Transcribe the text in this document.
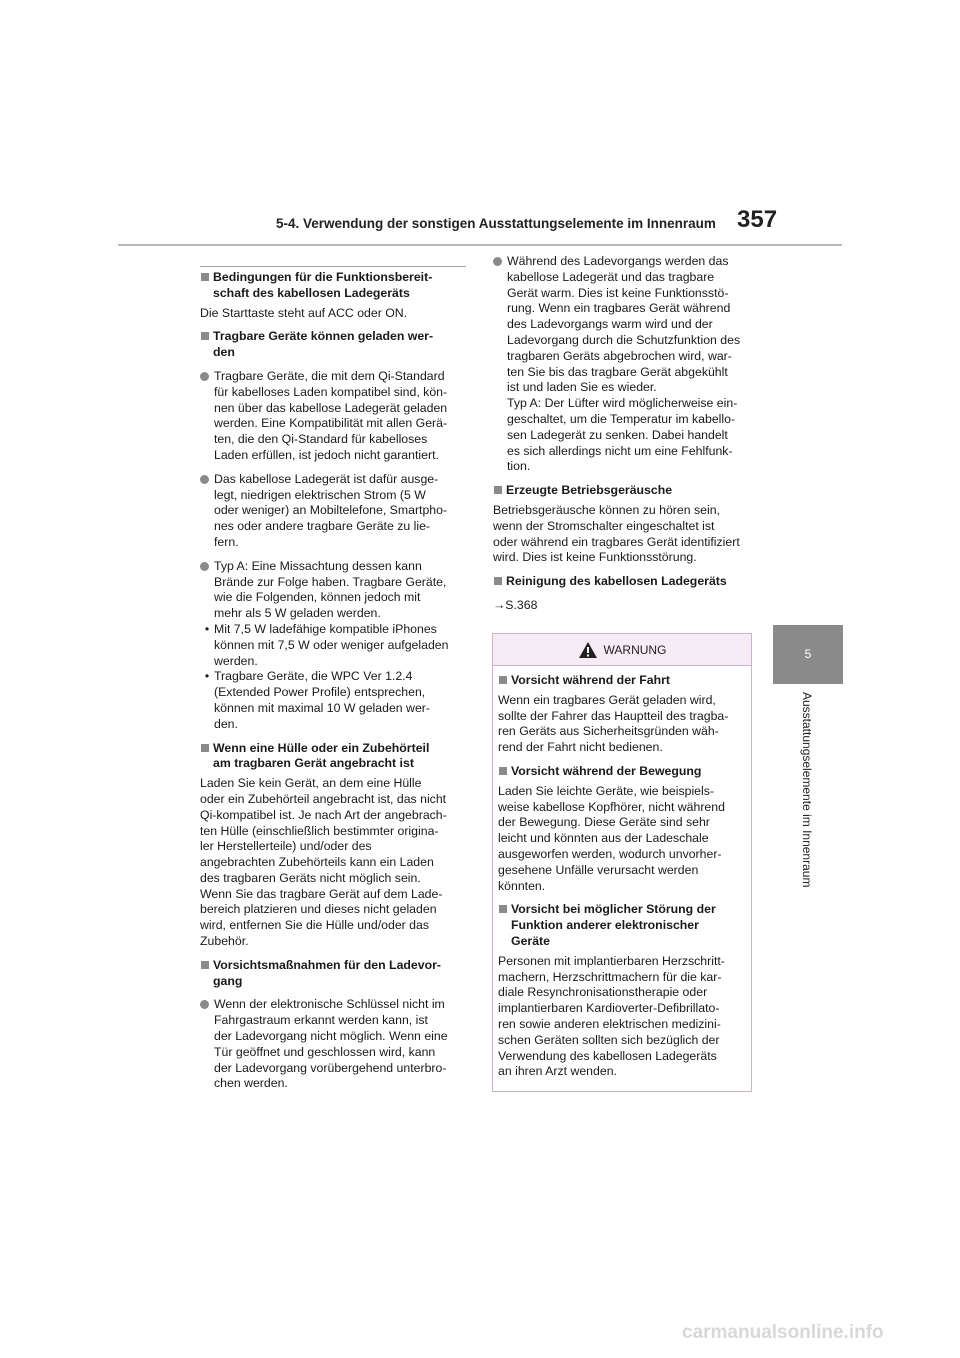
5-4. Verwendung der sonstigen Ausstattungselemente im Innenraum 357
5
Ausstattungselemente im Innenraum
Bedingungen für die Funktionsbereit-
schaft des kabellosen Ladegeräts
Die Starttaste steht auf ACC oder ON.
Tragbare Geräte können geladen wer-
den
Tragbare Geräte, die mit dem Qi-Standard
für kabelloses Laden kompatibel sind, kön-
nen über das kabellose Ladegerät geladen
werden. Eine Kompatibilität mit allen Gerä-
ten, die den Qi-Standard für kabelloses
Laden erfüllen, ist jedoch nicht garantiert.
Das kabellose Ladegerät ist dafür ausge-
legt, niedrigen elektrischen Strom (5 W
oder weniger) an Mobiltelefone, Smartpho-
nes oder andere tragbare Geräte zu lie-
fern.
Typ A: Eine Missachtung dessen kann
Brände zur Folge haben. Tragbare Geräte,
wie die Folgenden, können jedoch mit
mehr als 5 W geladen werden.
• Mit 7,5 W ladefähige kompatible iPhones
können mit 7,5 W oder weniger aufgeladen
werden.
• Tragbare Geräte, die WPC Ver 1.2.4
(Extended Power Profile) entsprechen,
können mit maximal 10 W geladen wer-
den.
Wenn eine Hülle oder ein Zubehörteil
am tragbaren Gerät angebracht ist
Laden Sie kein Gerät, an dem eine Hülle
oder ein Zubehörteil angebracht ist, das nicht
Qi-kompatibel ist. Je nach Art der angebrach-
ten Hülle (einschließlich bestimmter origina-
ler Herstellerteile) und/oder des
angebrachten Zubehörteils kann ein Laden
des tragbaren Geräts nicht möglich sein.
Wenn Sie das tragbare Gerät auf dem Lade-
bereich platzieren und dieses nicht geladen
wird, entfernen Sie die Hülle und/oder das
Zubehör.
Vorsichtsmaßnahmen für den Ladevor-
gang
Wenn der elektronische Schlüssel nicht im
Fahrgastraum erkannt werden kann, ist
der Ladevorgang nicht möglich. Wenn eine
Tür geöffnet und geschlossen wird, kann
der Ladevorgang vorübergehend unterbro-
chen werden.
Während des Ladevorgangs werden das
kabellose Ladegerät und das tragbare
Gerät warm. Dies ist keine Funktionsstö-
rung. Wenn ein tragbares Gerät während
des Ladevorgangs warm wird und der
Ladevorgang durch die Schutzfunktion des
tragbaren Geräts abgebrochen wird, war-
ten Sie bis das tragbare Gerät abgekühlt
ist und laden Sie es wieder.
Typ A: Der Lüfter wird möglicherweise ein-
geschaltet, um die Temperatur im kabello-
sen Ladegerät zu senken. Dabei handelt
es sich allerdings nicht um eine Fehlfunk-
tion.
Erzeugte Betriebsgeräusche
Betriebsgeräusche können zu hören sein,
wenn der Stromschalter eingeschaltet ist
oder während ein tragbares Gerät identifiziert
wird. Dies ist keine Funktionsstörung.
Reinigung des kabellosen Ladegeräts
→S.368
WARNUNG
Vorsicht während der Fahrt
Wenn ein tragbares Gerät geladen wird,
sollte der Fahrer das Hauptteil des tragba-
ren Geräts aus Sicherheitsgründen wäh-
rend der Fahrt nicht bedienen.
Vorsicht während der Bewegung
Laden Sie leichte Geräte, wie beispiels-
weise kabellose Kopfhörer, nicht während
der Bewegung. Diese Geräte sind sehr
leicht und könnten aus der Ladeschale
ausgeworfen werden, wodurch unvorher-
gesehene Unfälle verursacht werden
könnten.
Vorsicht bei möglicher Störung der
Funktion anderer elektronischer
Geräte
Personen mit implantierbaren Herzschritt-
machern, Herzschrittmachern für die kar-
diale Resynchronisationstherapie oder
implantierbaren Kardioverter-Defibrillato-
ren sowie anderen elektrischen medizini-
schen Geräten sollten sich bezüglich der
Verwendung des kabellosen Ladegeräts
an ihren Arzt wenden.
carmanualsonline.info
